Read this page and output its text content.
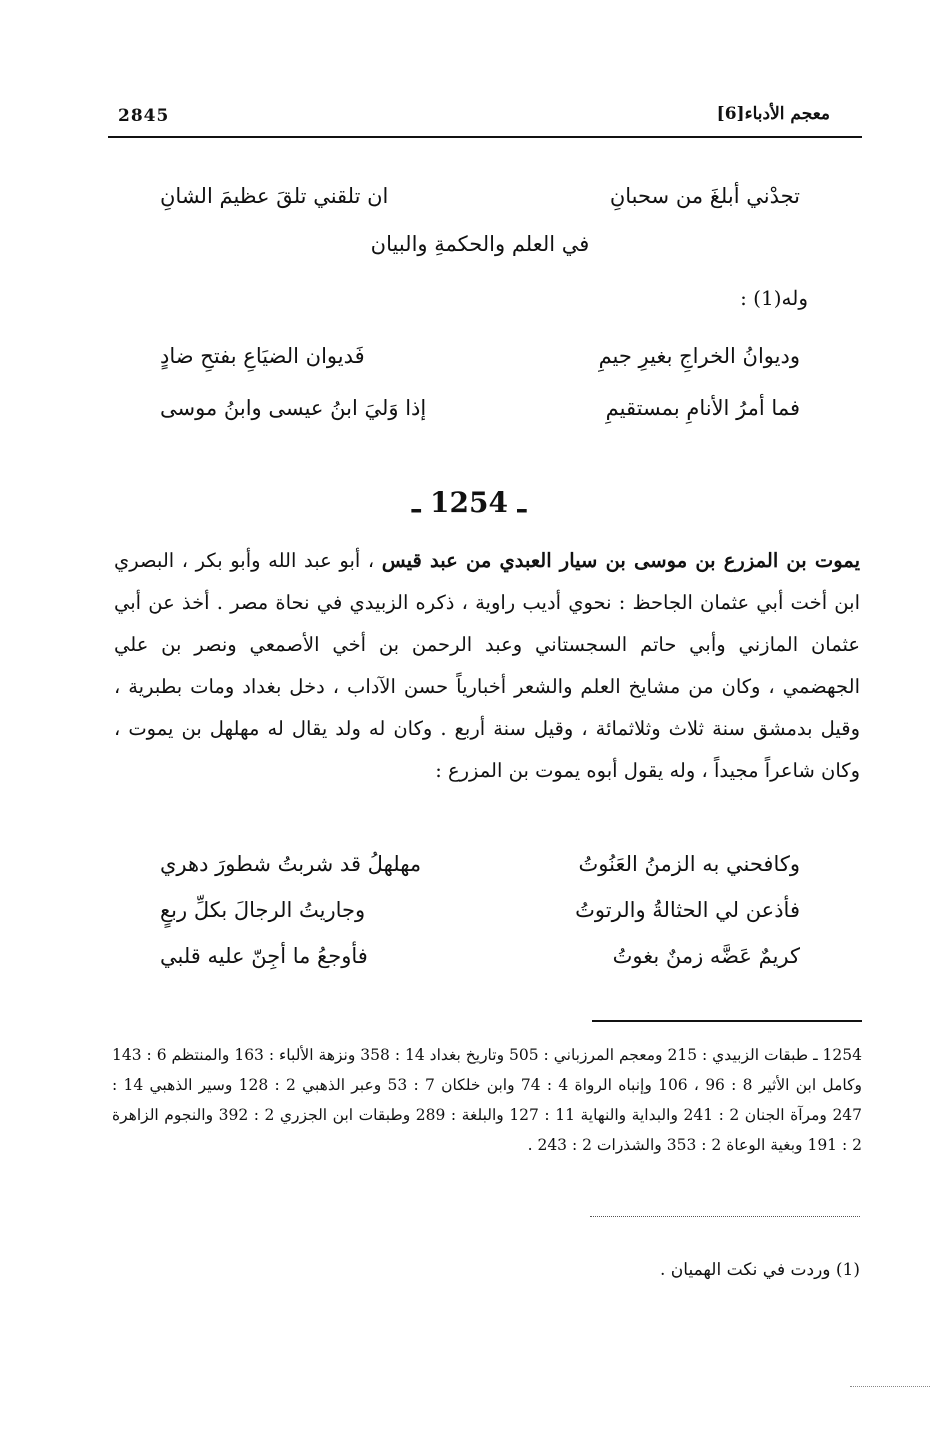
معجم الأدباء[6]
2845
ان تلقني تلقَ عظيمَ الشانِ	تجدْني أبلغَ من سحبانِ
في العلم والحكمةِ والبيان
وله(1) :
فَديوان الضيَاعِ بفتحِ ضادٍ	وديوانُ الخراجِ بغيرِ جيمِ
إذا وَليَ ابنُ عيسى وابنُ موسى	فما أمرُ الأنامِ بمستقيمِ
ـ 1254 ـ
يموت بن المزرع بن موسى بن سيار العبدي من عبد قيس ، أبو عبد الله وأبو بكر ، البصري ابن أخت أبي عثمان الجاحظ : نحوي أديب راوية ، ذكره الزبيدي في نحاة مصر . أخذ عن أبي عثمان المازني وأبي حاتم السجستاني وعبد الرحمن بن أخي الأصمعي ونصر بن علي الجهضمي ، وكان من مشايخ العلم والشعر أخبارياً حسن الآداب ، دخل بغداد ومات بطبرية ، وقيل بدمشق سنة ثلاث وثلاثمائة ، وقيل سنة أربع . وكان له ولد يقال له مهلهل بن يموت ، وكان شاعراً مجيداً ، وله يقول أبوه يموت بن المزرع :
مهلهلُ قد شربتُ شطورَ دهري	وكافحني به الزمنُ العَنُوتُ
وجاريتُ الرجالَ بكلِّ ربعٍ	فأذعن لي الحثالةُ والرتوتُ
فأوجعُ ما أجِنّ عليه قلبي	كريمٌ عَضَّه زمنٌ بغوتُ
1254 ـ طبقات الزبيدي : 215 ومعجم المرزباني : 505 وتاريخ بغداد 14 : 358 ونزهة الألباء : 163 والمنتظم 6 : 143 وكامل ابن الأثير 8 : 96 ، 106 وإنباه الرواة 4 : 74 وابن خلكان 7 : 53 وعبر الذهبي 2 : 128 وسير الذهبي 14 : 247 ومرآة الجنان 2 : 241 والبداية والنهاية 11 : 127 والبلغة : 289 وطبقات ابن الجزري 2 : 392 والنجوم الزاهرة 2 : 191 وبغية الوعاة 2 : 353 والشذرات 2 : 243 .
(1) وردت في نكت الهميان .
